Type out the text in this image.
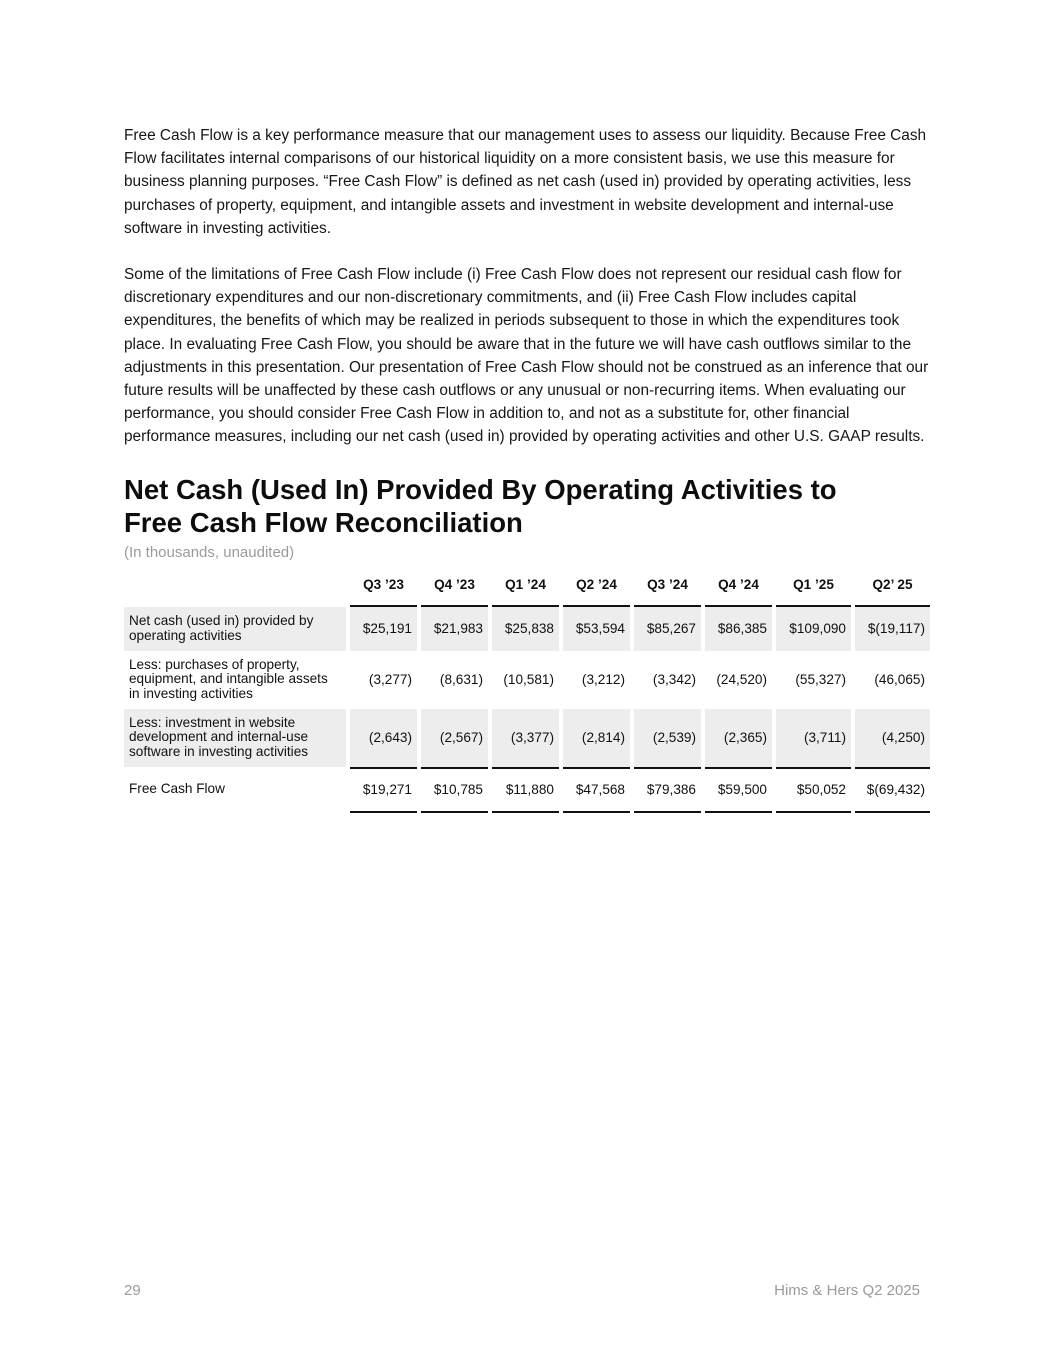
Free Cash Flow is a key performance measure that our management uses to assess our liquidity. Because Free Cash Flow facilitates internal comparisons of our historical liquidity on a more consistent basis, we use this measure for business planning purposes. “Free Cash Flow” is defined as net cash (used in) provided by operating activities, less purchases of property, equipment, and intangible assets and investment in website development and internal-use software in investing activities.

Some of the limitations of Free Cash Flow include (i) Free Cash Flow does not represent our residual cash flow for discretionary expenditures and our non-discretionary commitments, and (ii) Free Cash Flow includes capital expenditures, the benefits of which may be realized in periods subsequent to those in which the expenditures took place. In evaluating Free Cash Flow, you should be aware that in the future we will have cash outflows similar to the adjustments in this presentation. Our presentation of Free Cash Flow should not be construed as an inference that our future results will be unaffected by these cash outflows or any unusual or non-recurring items. When evaluating our performance, you should consider Free Cash Flow in addition to, and not as a substitute for, other financial performance measures, including our net cash (used in) provided by operating activities and other U.S. GAAP results.

Net Cash (Used In) Provided By Operating Activities to
Free Cash Flow Reconciliation
(In thousands, unaudited)
	Q3 ’23	Q4 ’23	Q1 ’24	Q2 ’24	Q3 ’24	Q4 ’24	Q1 ’25	Q2’ 25
Net cash (used in) provided by operating activities	$25,191	$21,983	$25,838	$53,594	$85,267	$86,385	$109,090	$(19,117)
Less: purchases of property, equipment, and intangible assets in investing activities	(3,277)	(8,631)	(10,581)	(3,212)	(3,342)	(24,520)	(55,327)	(46,065)
Less: investment in website development and internal-use software in investing activities	(2,643)	(2,567)	(3,377)	(2,814)	(2,539)	(2,365)	(3,711)	(4,250)
Free Cash Flow	$19,271	$10,785	$11,880	$47,568	$79,386	$59,500	$50,052	$(69,432)
29	Hims & Hers Q2 2025
